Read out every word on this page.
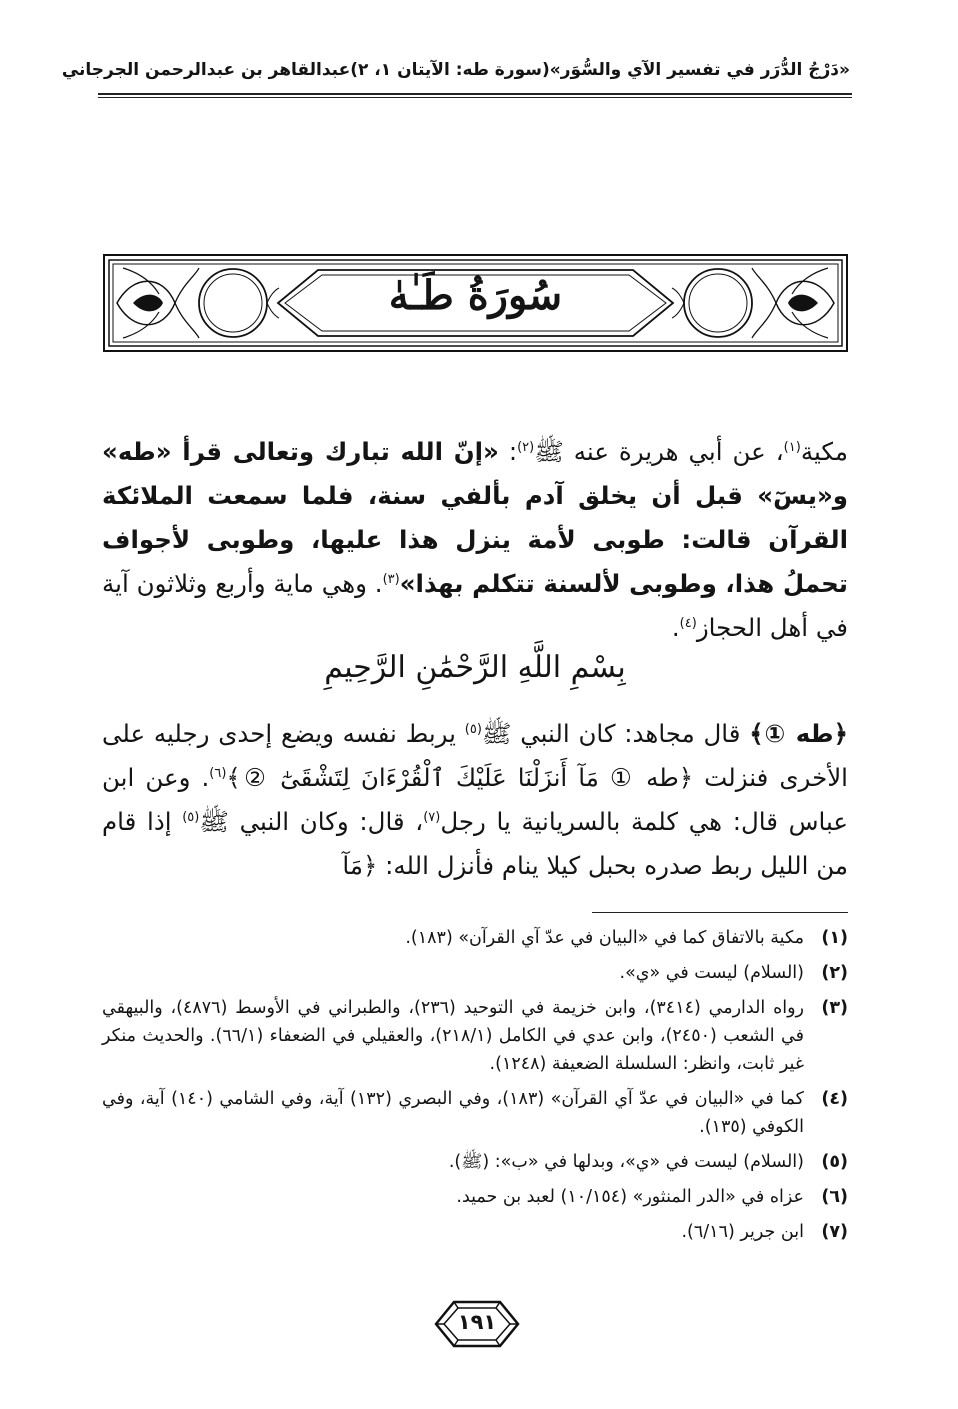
«دَرْجُ الدُّرَر في تفسير الآي والسُّوَر»
(سورة طه: الآيتان ١، ٢)
عبدالقاهر بن عبدالرحمن الجرجاني
سُورَةُ طَـٰهٰ

مكية$^{(١)}$، عن أبي هريرة عنه ﷺ$^{(٢)}$: «إنّ الله تبارك وتعالى قرأ «طه» و«يسٓ» قبل أن يخلق آدم بألفي سنة، فلما سمعت الملائكة القرآن قالت: طوبى لأمة ينزل هذا عليها، وطوبى لأجواف تحملُ هذا، وطوبى لألسنة تتكلم بهذا»$^{(٣)}$. وهي ماية وأربع وثلاثون آية في أهل الحجاز$^{(٤)}$.

بِسْمِ اللَّهِ الرَّحْمَٰنِ الرَّحِيمِ

﴿طه ①﴾ قال مجاهد: كان النبي ﷺ$^{(٥)}$ يربط نفسه ويضع إحدى رجليه على الأخرى فنزلت ﴿طه ① مَآ أَنزَلْنَا عَلَيْكَ ٱلْقُرْءَانَ لِتَشْقَىٰٓ ②﴾$^{(٦)}$. وعن ابن عباس قال: هي كلمة بالسريانية يا رجل$^{(٧)}$، قال: وكان النبي ﷺ$^{(٥)}$ إذا قام من الليل ربط صدره بحبل كيلا ينام فأنزل الله: ﴿مَآ

(١)
مكية بالاتفاق كما في «البيان في عدّ آي القرآن» (١٨٣).
(٢)
(السلام) ليست في «ي».
(٣)
رواه الدارمي (٣٤١٤)، وابن خزيمة في التوحيد (٢٣٦)، والطبراني في الأوسط (٤٨٧٦)، والبيهقي في الشعب (٢٤٥٠)، وابن عدي في الكامل (٢١٨/١)، والعقيلي في الضعفاء (٦٦/١). والحديث منكر غير ثابت، وانظر: السلسلة الضعيفة (١٢٤٨).
(٤)
كما في «البيان في عدّ آي القرآن» (١٨٣)، وفي البصري (١٣٢) آية، وفي الشامي (١٤٠) آية، وفي الكوفي (١٣٥).
(٥)
(السلام) ليست في «ي»، وبدلها في «ب»: (ﷺ).
(٦)
عزاه في «الدر المنثور» (١٠/١٥٤) لعبد بن حميد.
(٧)
ابن جرير (٦/١٦).
١٩١
